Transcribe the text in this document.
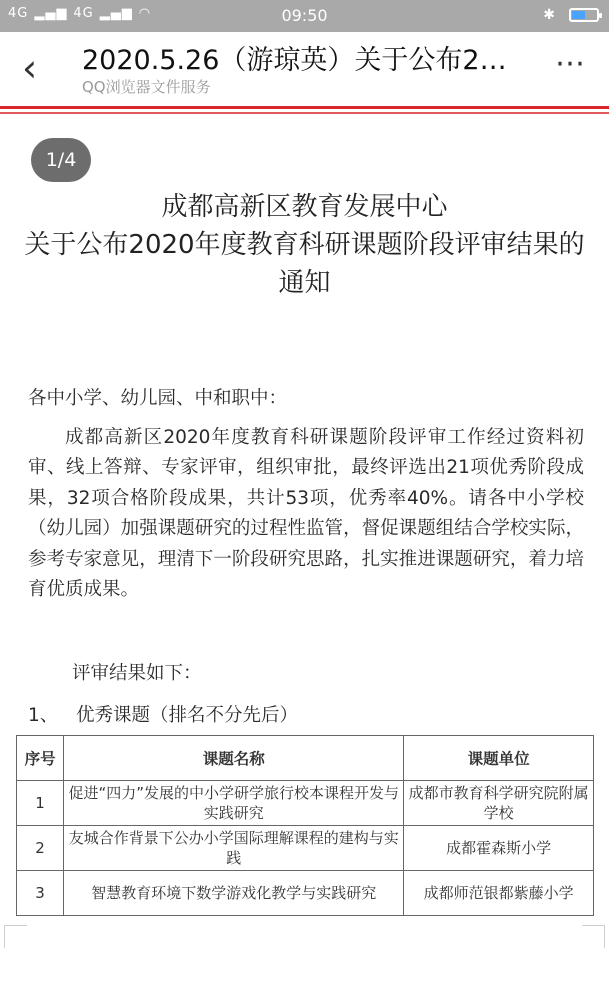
4G ▂▄▆ 4G ▂▄▆ ◠	09:50	✱
‹	2020.5.26（游琼英）关于公布2…
QQ浏览器文件服务
⋯
1/4
成都高新区教育发展中心
关于公布2020年度教育科研课题阶段评审结果的通知
各中小学、幼儿园、中和职中：
成都高新区2020年度教育科研课题阶段评审工作经过资料初审、线上答辩、专家评审，组织审批，最终评选出21项优秀阶段成果，32项合格阶段成果，共计53项，优秀率40%。请各中小学校（幼儿园）加强课题研究的过程性监管，督促课题组结合学校实际，参考专家意见，理清下一阶段研究思路，扎实推进课题研究，着力培育优质成果。
评审结果如下：
1、 优秀课题（排名不分先后）
序号	课题名称	课题单位
1	促进“四力”发展的中小学研学旅行校本课程开发与实践研究	成都市教育科学研究院附属学校
2	友城合作背景下公办小学国际理解课程的建构与实践	成都霍森斯小学
3	智慧教育环境下数学游戏化教学与实践研究	成都师范银都紫藤小学
